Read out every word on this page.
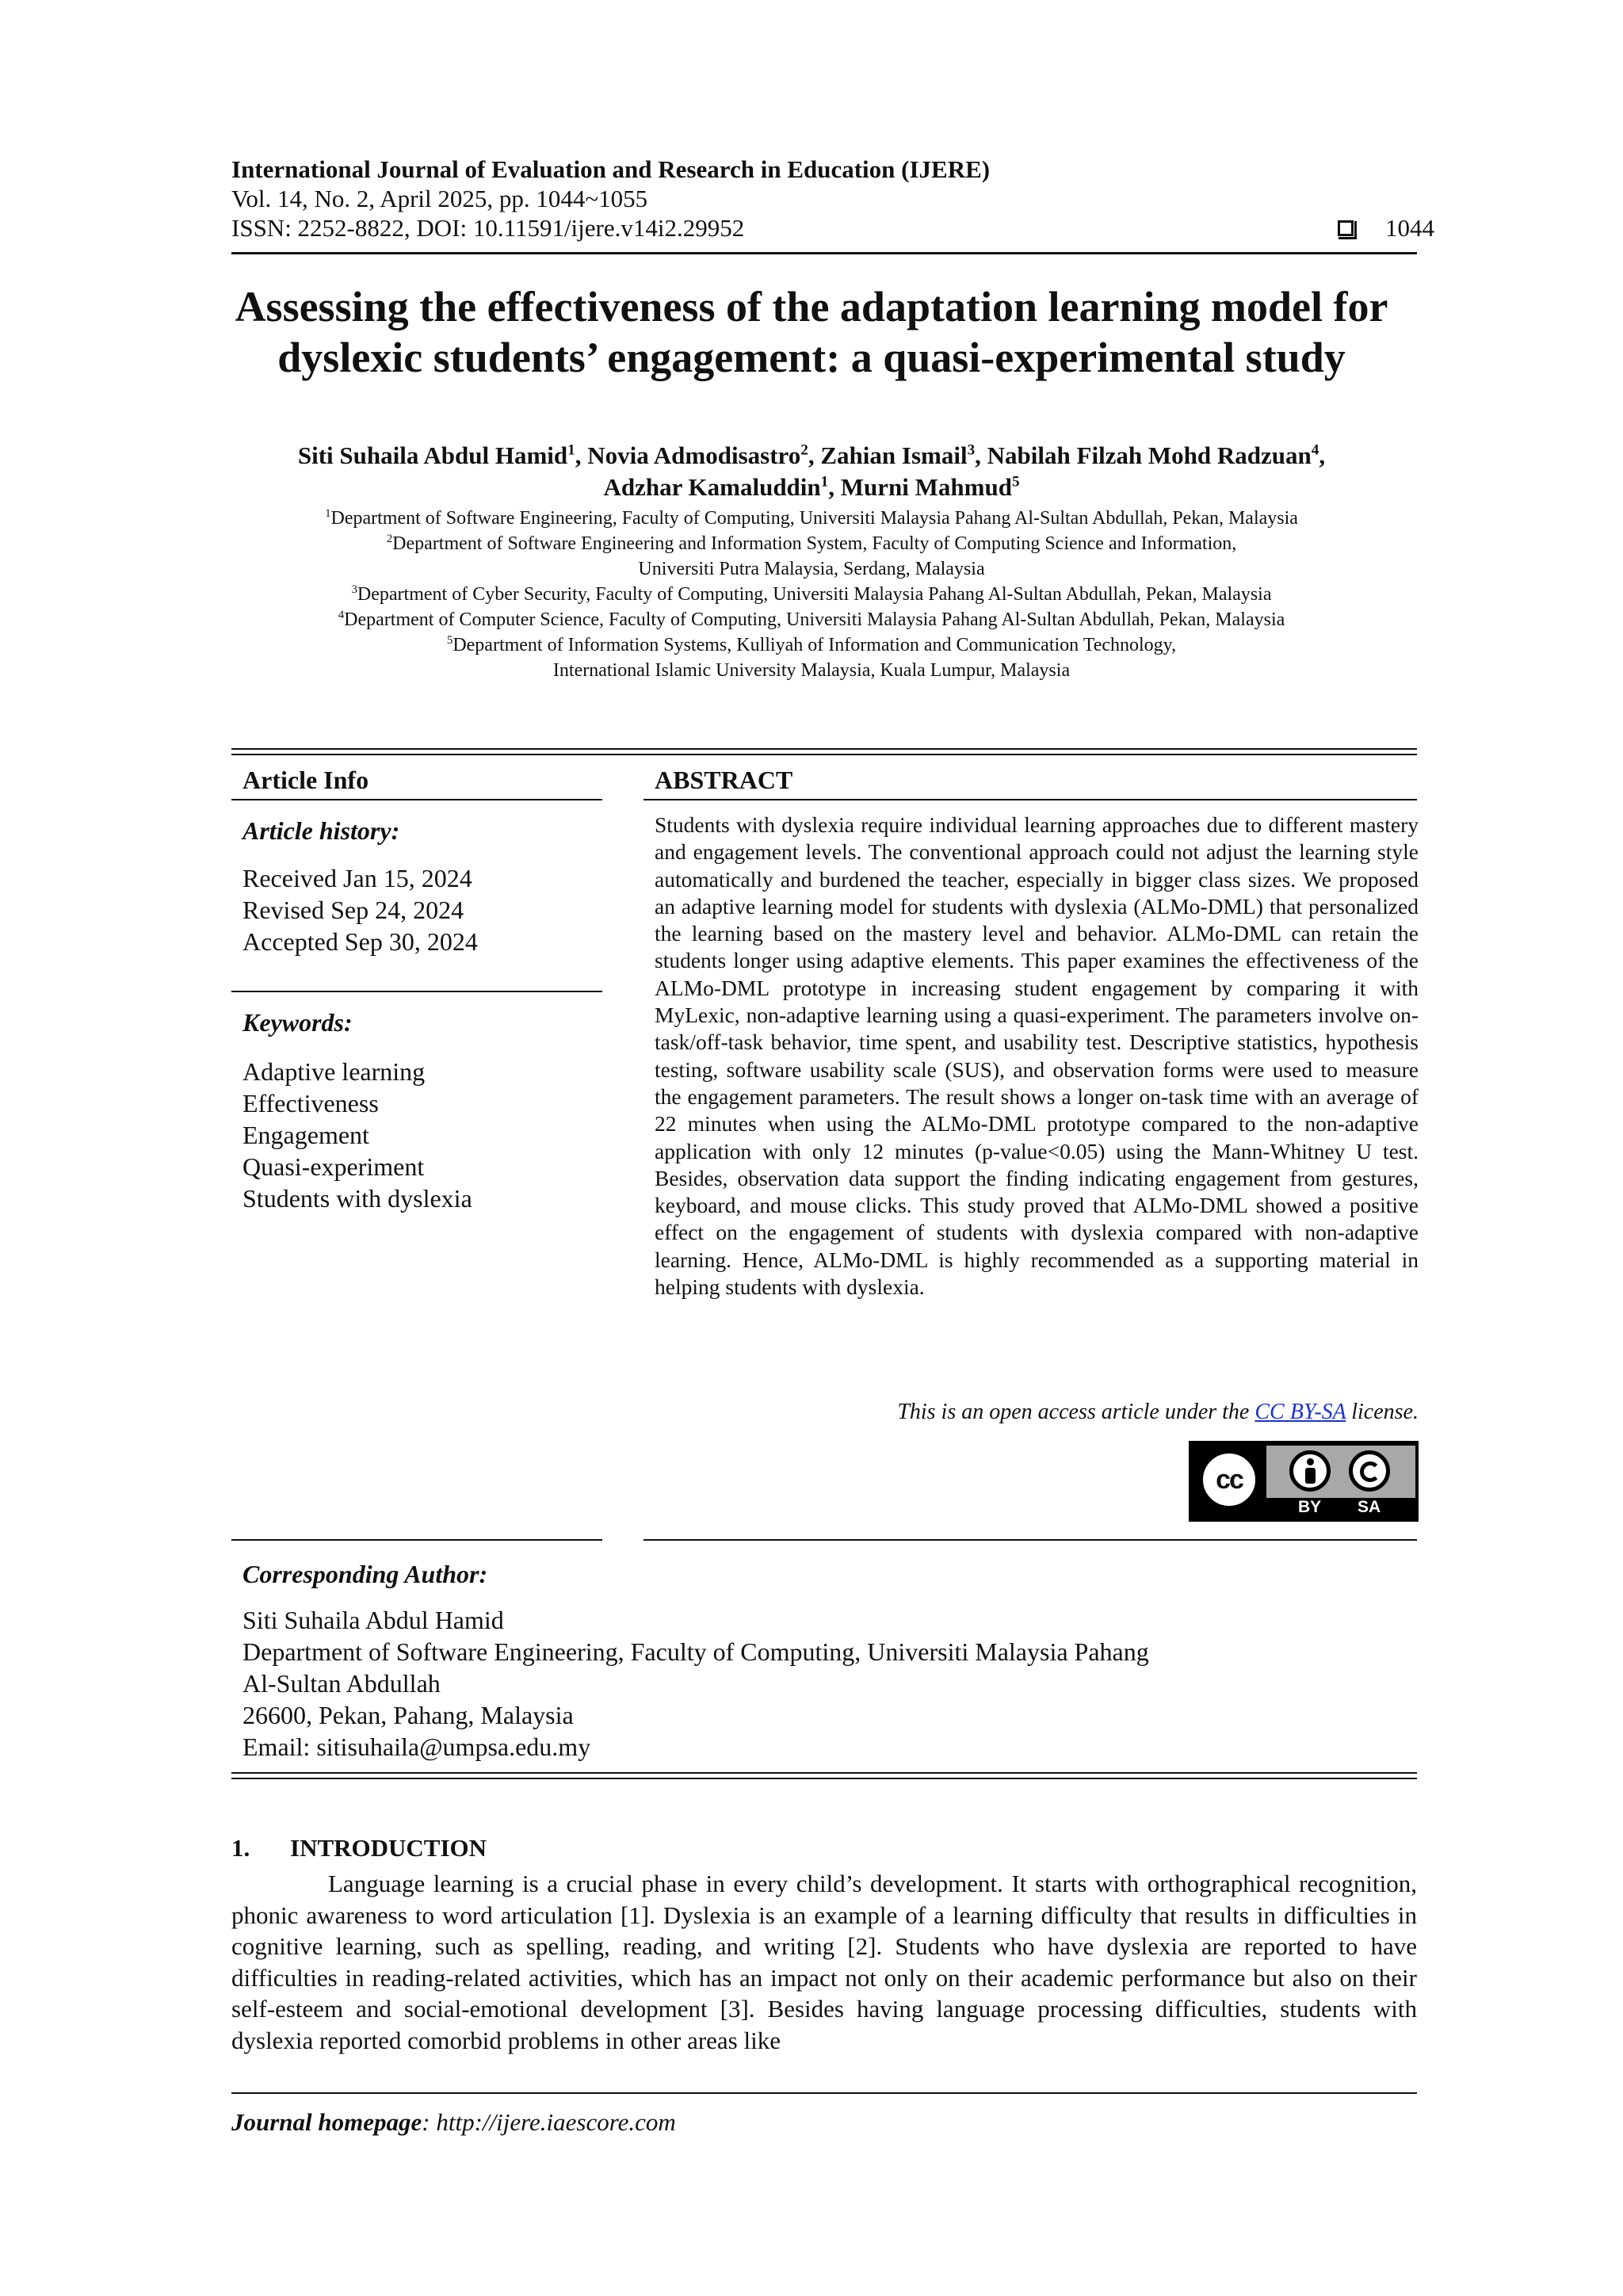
International Journal of Evaluation and Research in Education (IJERE)
Vol. 14, No. 2, April 2025, pp. 1044~1055
ISSN: 2252-8822, DOI: 10.11591/ijere.v14i2.29952	1044
Assessing the effectiveness of the adaptation learning model for
dyslexic students’ engagement: a quasi-experimental study
Siti Suhaila Abdul Hamid$^1$, Novia Admodisastro$^2$, Zahian Ismail$^3$, Nabilah Filzah Mohd Radzuan$^4$,
Adzhar Kamaluddin$^1$, Murni Mahmud$^5$
$^1$Department of Software Engineering, Faculty of Computing, Universiti Malaysia Pahang Al-Sultan Abdullah, Pekan, Malaysia
$^2$Department of Software Engineering and Information System, Faculty of Computing Science and Information,
Universiti Putra Malaysia, Serdang, Malaysia
$^3$Department of Cyber Security, Faculty of Computing, Universiti Malaysia Pahang Al-Sultan Abdullah, Pekan, Malaysia
$^4$Department of Computer Science, Faculty of Computing, Universiti Malaysia Pahang Al-Sultan Abdullah, Pekan, Malaysia
$^5$Department of Information Systems, Kulliyah of Information and Communication Technology,
International Islamic University Malaysia, Kuala Lumpur, Malaysia
Article Info
Article history:
Received Jan 15, 2024
Revised Sep 24, 2024
Accepted Sep 30, 2024
Keywords:
Adaptive learning
Effectiveness
Engagement
Quasi-experiment
Students with dyslexia
ABSTRACT
Students with dyslexia require individual learning approaches due to different mastery and engagement levels. The conventional approach could not adjust the learning style automatically and burdened the teacher, especially in bigger class sizes. We proposed an adaptive learning model for students with dyslexia (ALMo-DML) that personalized the learning based on the mastery level and behavior. ALMo-DML can retain the students longer using adaptive elements. This paper examines the effectiveness of the ALMo-DML prototype in increasing student engagement by comparing it with MyLexic, non-adaptive learning using a quasi-experiment. The parameters involve on-task/off-task behavior, time spent, and usability test. Descriptive statistics, hypothesis testing, software usability scale (SUS), and observation forms were used to measure the engagement parameters. The result shows a longer on-task time with an average of 22 minutes when using the ALMo-DML prototype compared to the non-adaptive application with only 12 minutes (p-value<0.05) using the Mann-Whitney U test. Besides, observation data support the finding indicating engagement from gestures, keyboard, and mouse clicks. This study proved that ALMo-DML showed a positive effect on the engagement of students with dyslexia compared with non-adaptive learning. Hence, ALMo-DML is highly recommended as a supporting material in helping students with dyslexia.
This is an open access article under the CC BY-SA license.
cc
BY SA
Corresponding Author:
Siti Suhaila Abdul Hamid
Department of Software Engineering, Faculty of Computing, Universiti Malaysia Pahang
Al-Sultan Abdullah
26600, Pekan, Pahang, Malaysia
Email: sitisuhaila@umpsa.edu.my
1. INTRODUCTION

Language learning is a crucial phase in every child’s development. It starts with orthographical recognition, phonic awareness to word articulation [1]. Dyslexia is an example of a learning difficulty that results in difficulties in cognitive learning, such as spelling, reading, and writing [2]. Students who have dyslexia are reported to have difficulties in reading-related activities, which has an impact not only on their academic performance but also on their self-esteem and social-emotional development [3]. Besides having language processing difficulties, students with dyslexia reported comorbid problems in other areas like

Journal homepage: http://ijere.iaescore.com
